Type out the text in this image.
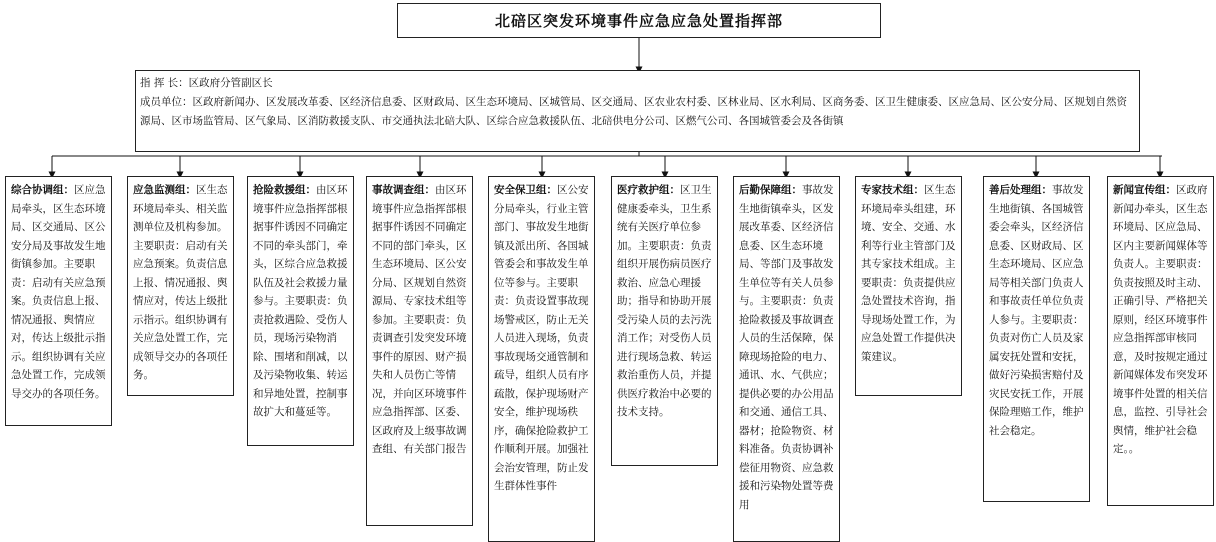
北碚区突发环境事件应急应急处置指挥部

指 挥 长：区政府分管副区长

成员单位：区政府新闻办、区发展改革委、区经济信息委、区财政局、区生态环境局、区城管局、区交通局、区农业农村委、区林业局、区水利局、区商务委、区卫生健康委、区应急局、区公安分局、区规划自然资源局、区市场监管局、区气象局、区消防救援支队、市交通执法北碚大队、区综合应急救援队伍、北碚供电分公司、区燃气公司、各国城管委会及各街镇

综合协调组：区应急局牵头，区生态环境局、区交通局、区公安分局及事故发生地街镇参加。主要职责：启动有关应急预案。负责信息上报、情况通报、舆情应对，传达上级批示指示。组织协调有关应急处置工作，完成领导交办的各项任务。
应急监测组：区生态环境局牵头、相关监测单位及机构参加。主要职责：启动有关应急预案。负责信息上报、情况通报、舆情应对，传达上级批示指示。组织协调有关应急处置工作，完成领导交办的各项任务。
抢险救援组：由区环境事件应急指挥部根据事件诱因不同确定不同的牵头部门，牵头，区综合应急救援队伍及社会救援力量参与。主要职责：负责抢救遇险、受伤人员，现场污染物消除、围堵和削减，以及污染物收集、转运和异地处置，控制事故扩大和蔓延等。
事故调查组：由区环境事件应急指挥部根据事件诱因不同确定不同的部门牵头，区生态环境局、区公安分局、区规划自然资源局、专家技术组等参加。主要职责：负责调查引发突发环境事件的原因、财产损失和人员伤亡等情况，并向区环境事件应急指挥部、区委、区政府及上级事故调查组、有关部门报告
安全保卫组：区公安分局牵头，行业主管部门、事故发生地街镇及派出所、各国城管委会和事故发生单位等参与。主要职责：负责设置事故现场警戒区，防止无关人员进入现场，负责事故现场交通管制和疏导，组织人员有序疏散，保护现场财产安全，维护现场秩序，确保抢险救护工作顺利开展。加强社会治安管理，防止发生群体性事件
医疗救护组：区卫生健康委牵头，卫生系统有关医疗单位参加。主要职责：负责组织开展伤病员医疗救治、应急心理援助；指导和协助开展受污染人员的去污洗消工作；对受伤人员进行现场急救、转运救治重伤人员，并提供医疗救治中必要的技术支持。
后勤保障组：事故发生地街镇牵头，区发展改革委、区经济信息委、区生态环境局、等部门及事故发生单位等有关人员参与。主要职责：负责抢险救援及事故调查人员的生活保障，保障现场抢险的电力、通讯、水、气供应；提供必要的办公用品和交通、通信工具、器材；抢险物资、材料准备。负责协调补偿征用物资、应急救援和污染物处置等费用
专家技术组：区生态环境局牵头组建，环境、安全、交通、水利等行业主管部门及其专家技术组成。主要职责：负责提供应急处置技术咨询，指导现场处置工作，为应急处置工作提供决策建议。
善后处理组：事故发生地街镇、各国城管委会牵头，区经济信息委、区财政局、区生态环境局、区应急局等相关部门负责人和事故责任单位负责人参与。主要职责：负责对伤亡人员及家属安抚处置和安抚，做好污染损害赔付及灾民安抚工作，开展保险理赔工作，维护社会稳定。
新闻宣传组：区政府新闻办牵头，区生态环境局、区应急局、区内主要新闻媒体等负责人。主要职责：负责按照及时主动、正确引导、严格把关原则，经区环境事件应急指挥部审核同意，及时按规定通过新闻媒体发布突发环境事件处置的相关信息，监控、引导社会舆情，维护社会稳定。。
